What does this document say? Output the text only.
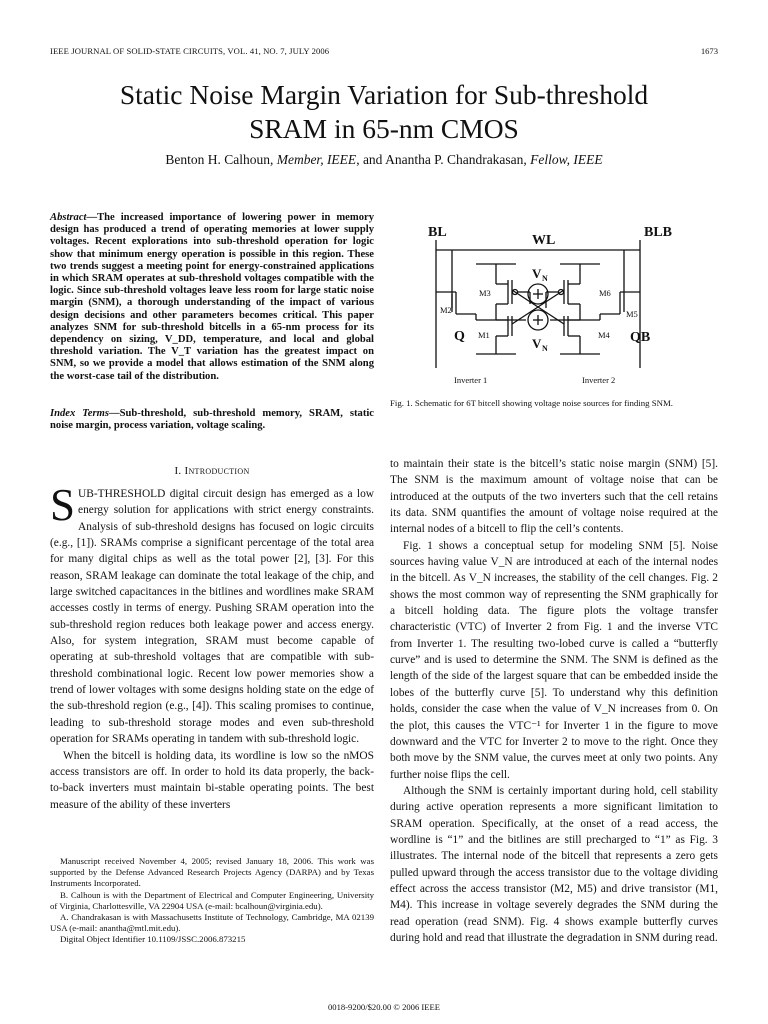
IEEE JOURNAL OF SOLID-STATE CIRCUITS, VOL. 41, NO. 7, JULY 2006	1673
Static Noise Margin Variation for Sub-threshold
SRAM in 65-nm CMOS
Benton H. Calhoun, Member, IEEE, and Anantha P. Chandrakasan, Fellow, IEEE
Abstract—The increased importance of lowering power in memory design has produced a trend of operating memories at lower supply voltages. Recent explorations into sub-threshold operation for logic show that minimum energy operation is possible in this region. These two trends suggest a meeting point for energy-constrained applications in which SRAM operates at sub-threshold voltages compatible with the logic. Since sub-threshold voltages leave less room for large static noise margin (SNM), a thorough understanding of the impact of various design decisions and other parameters becomes critical. This paper analyzes SNM for sub-threshold bitcells in a 65-nm process for its dependency on sizing, V_DD, temperature, and local and global threshold variation. The V_T variation has the greatest impact on SNM, so we provide a model that allows estimation of the SNM along the worst-case tail of the distribution.
Index Terms—Sub-threshold, sub-threshold memory, SRAM, static noise margin, process variation, voltage scaling.
I. Introduction

SUB-THRESHOLD digital circuit design has emerged as a low energy solution for applications with strict energy constraints. Analysis of sub-threshold designs has focused on logic circuits (e.g., [1]). SRAMs comprise a significant percentage of the total area for many digital chips as well as the total power [2], [3]. For this reason, SRAM leakage can dominate the total leakage of the chip, and large switched capacitances in the bitlines and wordlines make SRAM accesses costly in terms of energy. Pushing SRAM operation into the sub-threshold region reduces both leakage power and access energy. Also, for system integration, SRAM must become capable of operating at sub-threshold voltages that are compatible with sub-threshold combinational logic. Recent low power memories show a trend of lower voltages with some designs holding state on the edge of the sub-threshold region (e.g., [4]). This scaling promises to continue, leading to sub-threshold storage modes and even sub-threshold operation for SRAMs operating in tandem with sub-threshold logic.

When the bitcell is holding data, its wordline is low so the nMOS access transistors are off. In order to hold its data properly, the back-to-back inverters must maintain bi-stable operating points. The best measure of the ability of these inverters

Manuscript received November 4, 2005; revised January 18, 2006. This work was supported by the Defense Advanced Research Projects Agency (DARPA) and by Texas Instruments Incorporated.

B. Calhoun is with the Department of Electrical and Computer Engineering, University of Virginia, Charlottesville, VA 22904 USA (e-mail: bcalhoun@virginia.edu).

A. Chandrakasan is with Massachusetts Institute of Technology, Cambridge, MA 02139 USA (e-mail: anantha@mtl.mit.edu).

Digital Object Identifier 10.1109/JSSC.2006.873215

BL
WL
BLB
V N
V N
M3
M2
M1
M6
M5
M4
Q	QB
Inverter 1	Inverter 2
Fig. 1. Schematic for 6T bitcell showing voltage noise sources for finding SNM.

to maintain their state is the bitcell’s static noise margin (SNM) [5]. The SNM is the maximum amount of voltage noise that can be introduced at the outputs of the two inverters such that the cell retains its data. SNM quantifies the amount of voltage noise required at the internal nodes of a bitcell to flip the cell’s contents.

Fig. 1 shows a conceptual setup for modeling SNM [5]. Noise sources having value V_N are introduced at each of the internal nodes in the bitcell. As V_N increases, the stability of the cell changes. Fig. 2 shows the most common way of representing the SNM graphically for a bitcell holding data. The figure plots the voltage transfer characteristic (VTC) of Inverter 2 from Fig. 1 and the inverse VTC from Inverter 1. The resulting two-lobed curve is called a “butterfly curve” and is used to determine the SNM. The SNM is defined as the length of the side of the largest square that can be embedded inside the lobes of the butterfly curve [5]. To understand why this definition holds, consider the case when the value of V_N increases from 0. On the plot, this causes the VTC⁻¹ for Inverter 1 in the figure to move downward and the VTC for Inverter 2 to move to the right. Once they both move by the SNM value, the curves meet at only two points. Any further noise flips the cell.

Although the SNM is certainly important during hold, cell stability during active operation represents a more significant limitation to SRAM operation. Specifically, at the onset of a read access, the wordline is “1” and the bitlines are still precharged to “1” as Fig. 3 illustrates. The internal node of the bitcell that represents a zero gets pulled upward through the access transistor due to the voltage dividing effect across the access transistor (M2, M5) and drive transistor (M1, M4). This increase in voltage severely degrades the SNM during the read operation (read SNM). Fig. 4 shows example butterfly curves during hold and read that illustrate the degradation in SNM during read.

0018-9200/$20.00 © 2006 IEEE
